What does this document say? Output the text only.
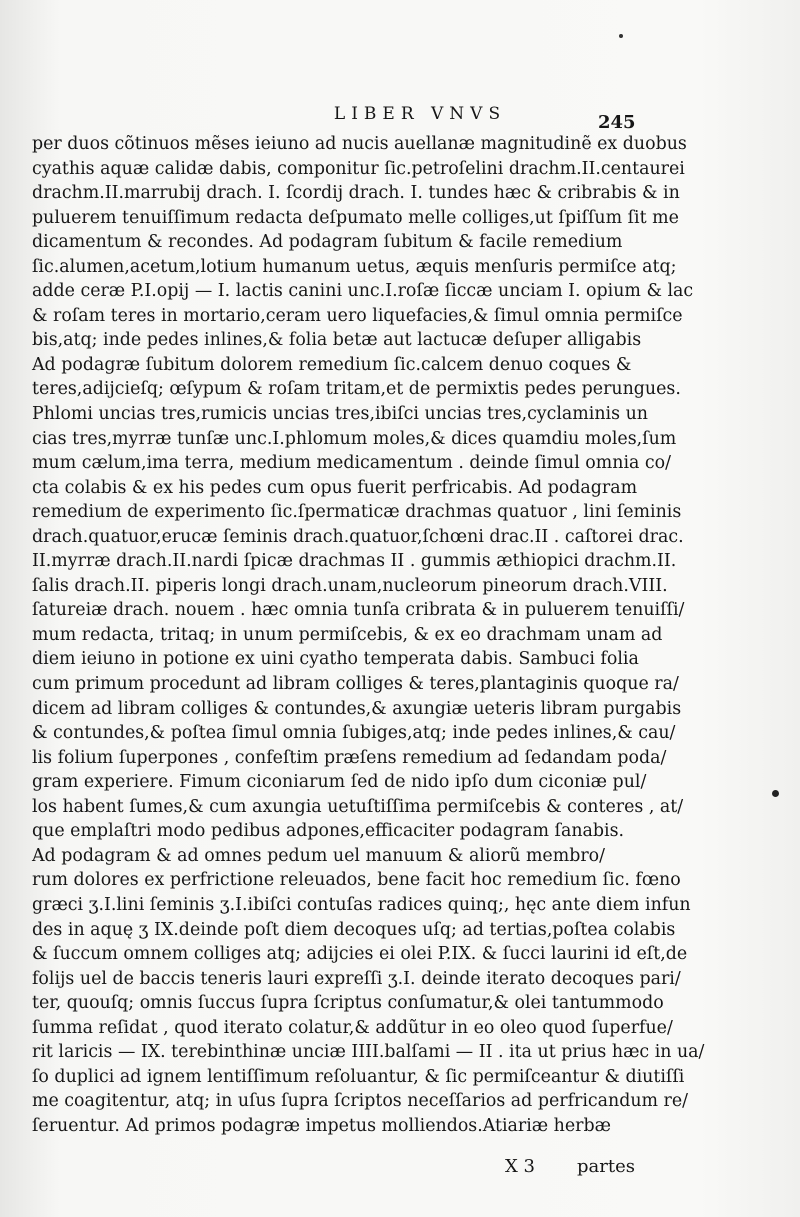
LIBER VNVS	245
per duos cõtinuos mẽses ieiuno ad nucis auellanæ magnitudinẽ ex duobus
cyathis aquæ calidæ dabis, componitur ſic.petroſelini drachm.II.centaurei
drachm.II.marrubij drach. I. ſcordij drach. I. tundes hæc & cribrabis & in
puluerem tenuiſſimum redacta deſpumato melle colliges,ut ſpiſſum ſit me
dicamentum & recondes. Ad podagram ſubitum & facile remedium
ſic.alumen,acetum,lotium humanum uetus, æquis menſuris permiſce atq;
adde ceræ P.I.opij — I. lactis canini unc.I.roſæ ſiccæ unciam I. opium & lac
& roſam teres in mortario,ceram uero liquefacies,& ſimul omnia permiſce
bis,atq; inde pedes inlines,& folia betæ aut lactucæ deſuper alligabis
Ad podagræ ſubitum dolorem remedium ſic.calcem denuo coques &
teres,adijcieſq; œſypum & roſam tritam,et de permixtis pedes perungues.
Phlomi uncias tres,rumicis uncias tres,ibiſci uncias tres,cyclaminis un
cias tres,myrræ tunſæ unc.I.phlomum moles,& dices quamdiu moles,ſum
mum cælum,ima terra, medium medicamentum . deinde ſimul omnia co/
cta colabis & ex his pedes cum opus fuerit perfricabis. Ad podagram
remedium de experimento ſic.ſpermaticæ drachmas quatuor , lini ſeminis
drach.quatuor,erucæ ſeminis drach.quatuor,ſchœni drac.II . caſtorei drac.
II.myrræ drach.II.nardi ſpicæ drachmas II . gummis æthiopici drachm.II.
ſalis drach.II. piperis longi drach.unam,nucleorum pineorum drach.VIII.
ſatureiæ drach. nouem . hæc omnia tunſa cribrata & in puluerem tenuiſſi/
mum redacta, tritaq; in unum permiſcebis, & ex eo drachmam unam ad
diem ieiuno in potione ex uini cyatho temperata dabis. Sambuci folia
cum primum procedunt ad libram colliges & teres,plantaginis quoque ra/
dicem ad libram colliges & contundes,& axungiæ ueteris libram purgabis
& contundes,& poſtea ſimul omnia ſubiges,atq; inde pedes inlines,& cau/
lis folium ſuperpones , confeſtim præſens remedium ad ſedandam poda/
gram experiere. Fimum ciconiarum ſed de nido ipſo dum ciconiæ pul/
los habent ſumes,& cum axungia uetuſtiſſima permiſcebis & conteres , at/
que emplaſtri modo pedibus adpones,efficaciter podagram ſanabis.
Ad podagram & ad omnes pedum uel manuum & aliorũ membro/
rum dolores ex perfrictione releuados, bene facit hoc remedium ſic. fœno
græci ʒ.I.lini ſeminis ʒ.I.ibiſci contuſas radices quinq;, hęc ante diem infun
des in aquę ʒ IX.deinde poſt diem decoques uſq; ad tertias,poſtea colabis
& ſuccum omnem colliges atq; adijcies ei olei P.IX. & ſucci laurini id eſt,de
folijs uel de baccis teneris lauri expreſſi ʒ.I. deinde iterato decoques pari/
ter, quouſq; omnis ſuccus ſupra ſcriptus conſumatur,& olei tantummodo
ſumma reſidat , quod iterato colatur,& addũtur in eo oleo quod ſuperfue/
rit laricis — IX. terebinthinæ unciæ IIII.balſami — II . ita ut prius hæc in ua/
ſo duplici ad ignem lentiſſimum reſoluantur, & ſic permiſceantur & diutiſſi
me coagitentur, atq; in uſus ſupra ſcriptos neceſſarios ad perfricandum re/
ſeruentur. Ad primos podagræ impetus molliendos.Atiariæ herbæ
X 3 partes
